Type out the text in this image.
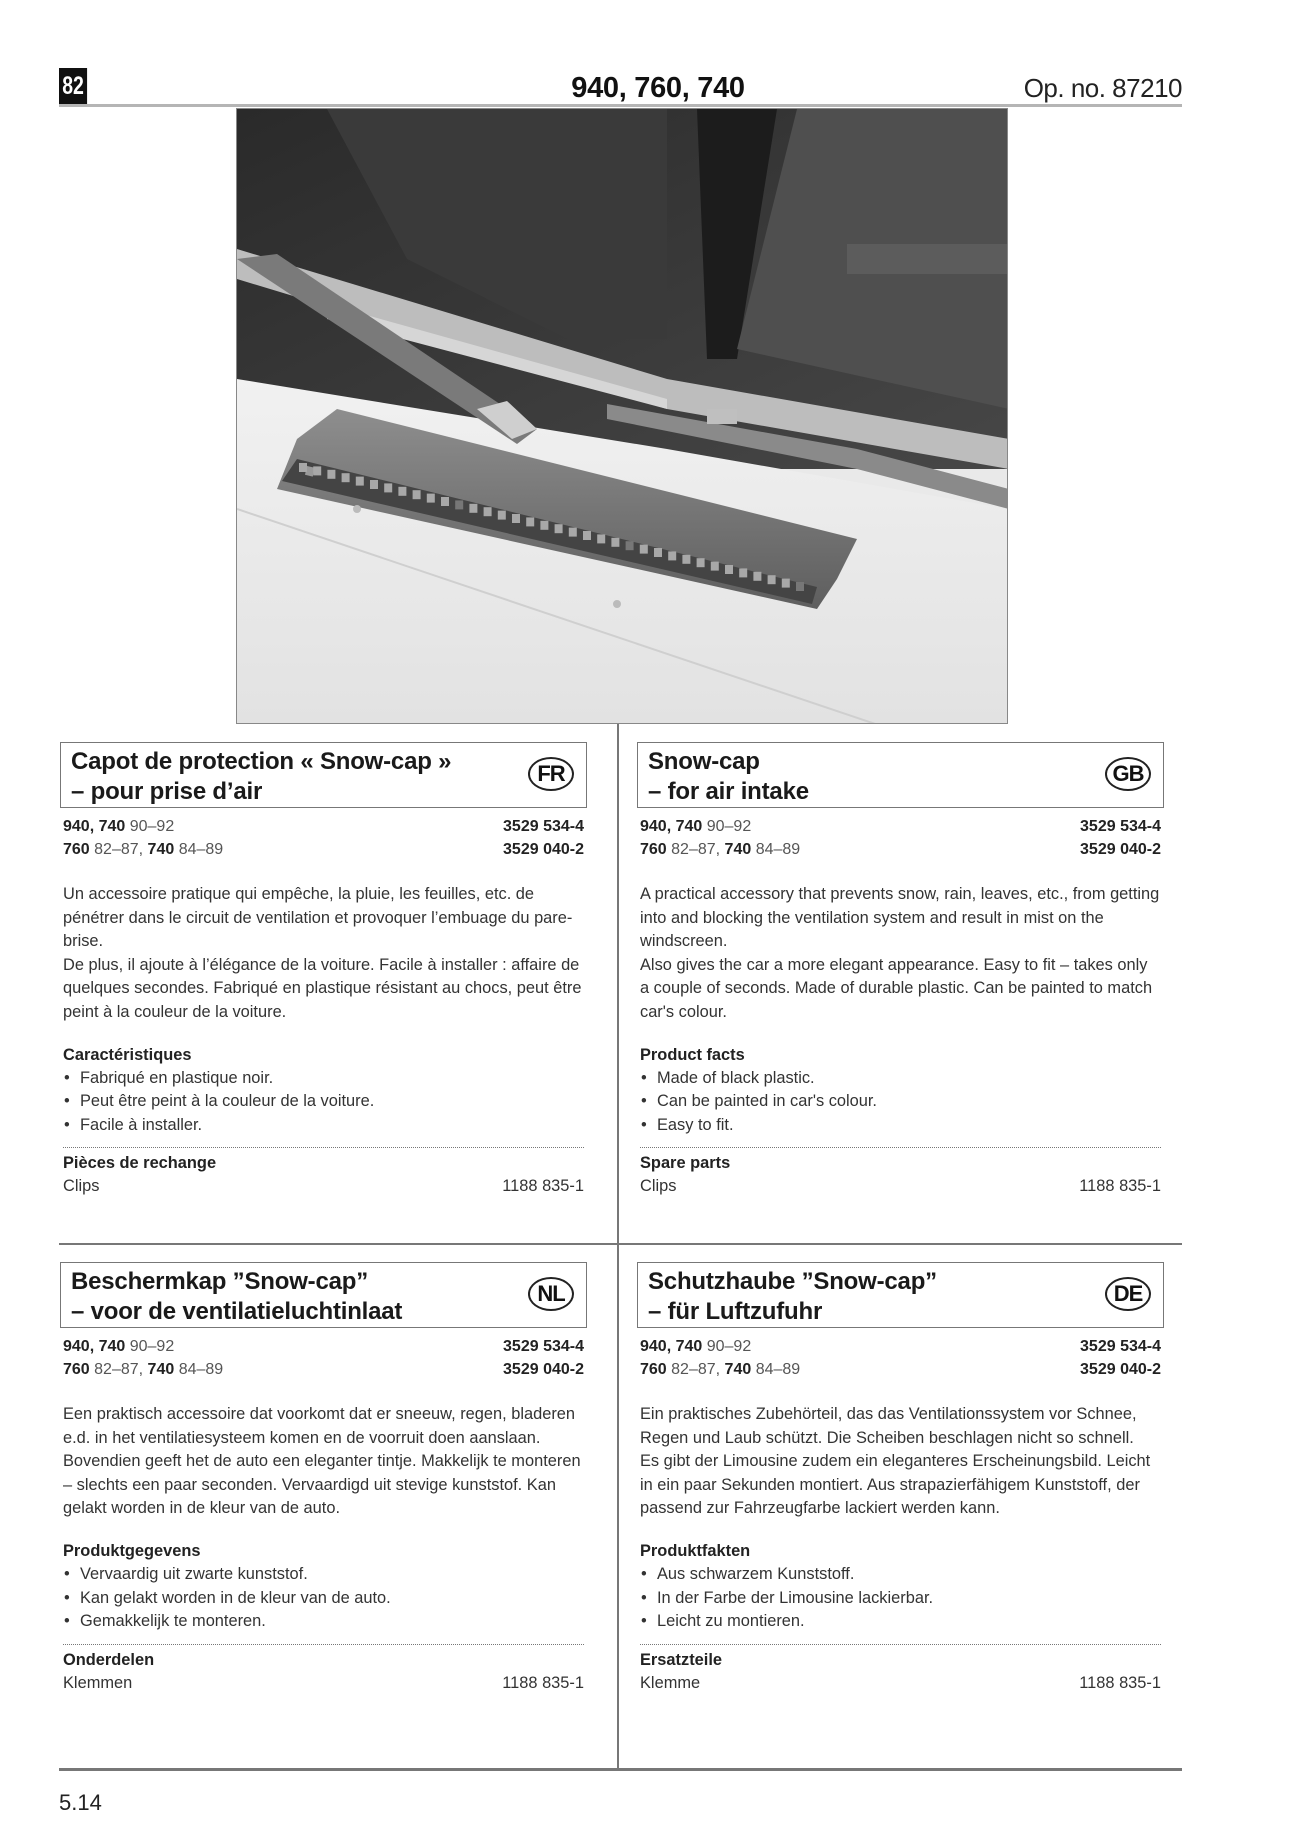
82	940, 760, 740	Op. no. 87210
Capot de protection « Snow-cap »
– pour prise d’air
FR
940, 740 90–92	3529 534-4
760 82–87, 740 84–89	3529 040-2

Un accessoire pratique qui empêche, la pluie, les feuilles, etc. de pénétrer dans le circuit de ventilation et provoquer l’embuage du pare-brise.

De plus, il ajoute à l’élégance de la voiture. Facile à installer : affaire de quelques secondes. Fabriqué en plastique résistant au chocs, peut être peint à la couleur de la voiture.

Caractéristiques
• Fabriqué en plastique noir.
• Peut être peint à la couleur de la voiture.
• Facile à installer.
Pièces de rechange
Clips	1188 835-1
Snow-cap
– for air intake
GB
940, 740 90–92	3529 534-4
760 82–87, 740 84–89	3529 040-2

A practical accessory that prevents snow, rain, leaves, etc., from getting into and blocking the ventilation system and result in mist on the windscreen.

Also gives the car a more elegant appearance. Easy to fit – takes only a couple of seconds. Made of durable plastic. Can be painted to match car's colour.

Product facts
• Made of black plastic.
• Can be painted in car's colour.
• Easy to fit.
Spare parts
Clips	1188 835-1
Beschermkap ”Snow-cap”
– voor de ventilatieluchtinlaat
NL
940, 740 90–92	3529 534-4
760 82–87, 740 84–89	3529 040-2

Een praktisch accessoire dat voorkomt dat er sneeuw, regen, bladeren e.d. in het ventilatiesysteem komen en de voorruit doen aanslaan.

Bovendien geeft het de auto een eleganter tintje. Makkelijk te monteren – slechts een paar seconden. Vervaardigd uit stevige kunststof. Kan gelakt worden in de kleur van de auto.

Produktgegevens
• Vervaardig uit zwarte kunststof.
• Kan gelakt worden in de kleur van de auto.
• Gemakkelijk te monteren.
Onderdelen
Klemmen	1188 835-1
Schutzhaube ”Snow-cap”
– für Luftzufuhr
DE
940, 740 90–92	3529 534-4
760 82–87, 740 84–89	3529 040-2

Ein praktisches Zubehörteil, das das Ventilationssystem vor Schnee, Regen und Laub schützt. Die Scheiben beschlagen nicht so schnell.

Es gibt der Limousine zudem ein eleganteres Erscheinungsbild. Leicht in ein paar Sekunden montiert. Aus strapazierfähigem Kunststoff, der passend zur Fahrzeugfarbe lackiert werden kann.

Produktfakten
• Aus schwarzem Kunststoff.
• In der Farbe der Limousine lackierbar.
• Leicht zu montieren.
Ersatzteile
Klemme	1188 835-1
5.14
